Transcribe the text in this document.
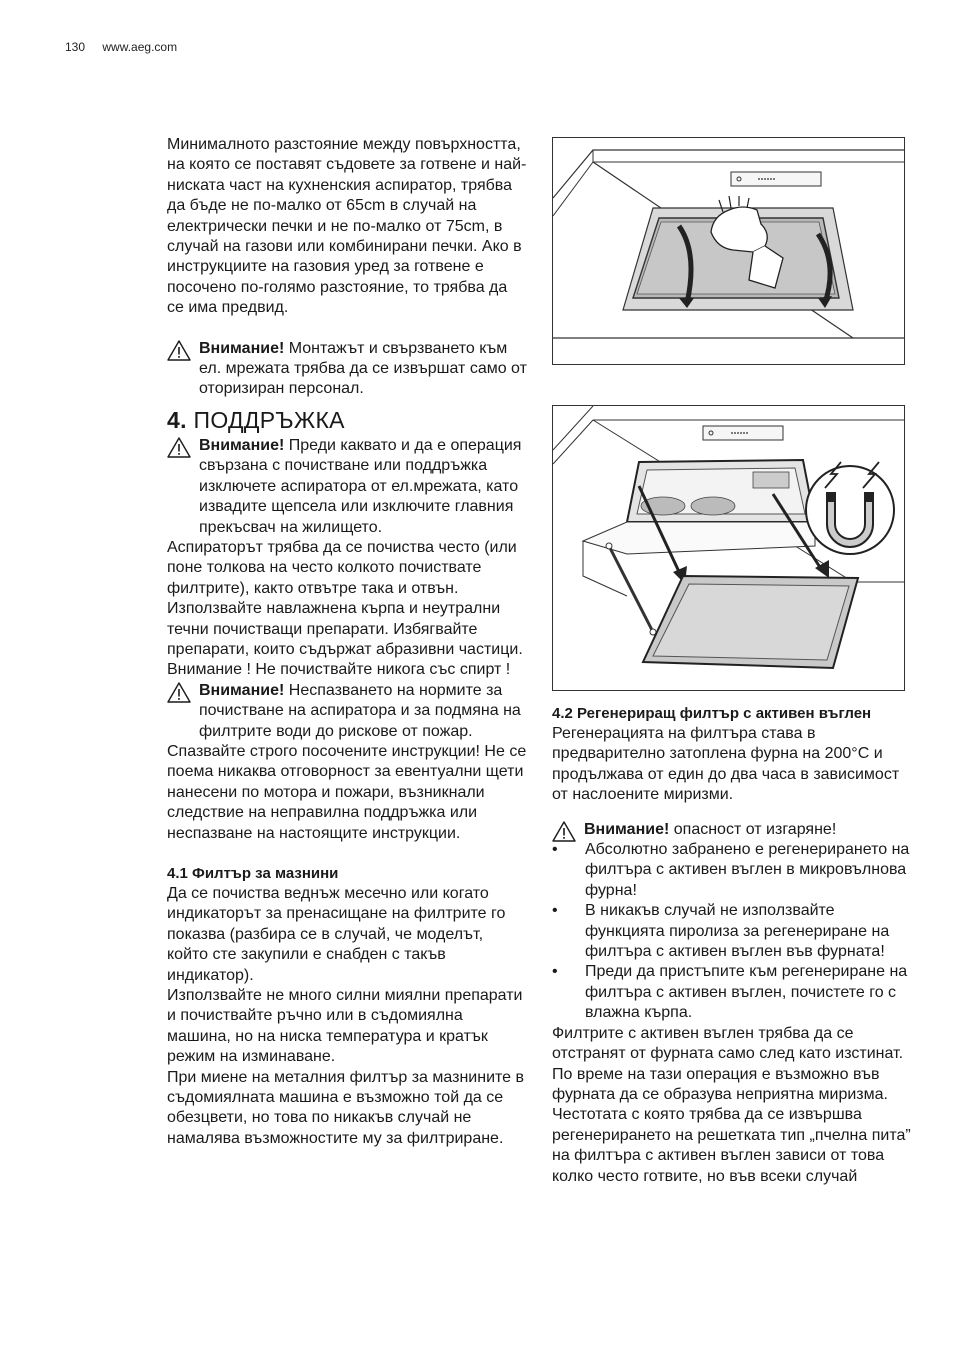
130 www.aeg.com

Минималното разстояние между повърхността, на която се поставят съдовете за готвене и най-ниската част на кухненския аспиратор, трябва да бъде не по-малко от 65cm в случай на електрически печки и не по-малко от 75cm, в случай на газови или комбинирани печки. Ако в инструкциите на газовия уред за готвене е посочено по-голямо разстояние, то трябва да се има предвид.

Внимание! Монтажът и свързването към ел. мрежата трябва да се извършат само от оторизиран персонал.

4. ПОДДРЪЖКА

Внимание! Преди каквато и да е операция свързана с почистване или поддръжка изключете аспиратора от ел.мрежата, като извадите щепсела или изключите главния прекъсвач на жилището.

Аспираторът трябва да се почиства често (или поне толкова на често колкото почиствате филтрите), както отвътре така и отвън. Използвайте навлажнена кърпа и неутрални течни почистващи препарати. Избягвайте препарати, които съдържат абразивни частици. Внимание ! Не почиствайте никога със спирт !

Внимание! Неспазването на нормите за почистване на аспиратора и за подмяна на филтрите води до рискове от пожар.

Спазвайте строго посочените инструкции! Не се поема никаква отговорност за евентуални щети нанесени по мотора и пожари, възникнали следствие на неправилна поддръжка или неспазване на настоящите инструкции.

4.1 Филтър за мазнини

Да се почиства веднъж месечно или когато индикаторът за пренасищане на филтрите го показва (разбира се в случай, че моделът, който сте закупили е снабден с такъв индикатор).

Използвайте не много силни миялни препарати и почиствайте ръчно или в съдомиялна машина, но на ниска температура и кратък режим на изминаване.

При миене на металния филтър за мазнините в съдомиялната машина е възможно той да се обезцвети, но това по никакъв случай не намалява възможностите му за филтриране.

4.2 Регенериращ филтър с активен въглен

Регенерацията на филтъра става в предварително затоплена фурна на 200°C и продължава от един до два часа в зависимост от наслоените миризми.

Внимание! опасност от изгаряне!

• Абсолютно забранено е регенерирането на филтъра с активен въглен в микровълнова фурна!
• В никакъв случай не използвайте функцията пиролиза за регенериране на филтъра с активен въглен във фурната!
• Преди да пристъпите към регенериране на филтъра с активен въглен, почистете го с влажна кърпа.

Филтрите с активен въглен трябва да се отстранят от фурната само след като изстинат. По време на тази операция е възможно във фурната да се образува неприятна миризма. Честотата с която трябва да се извършва регенерирането на решетката тип „пчелна пита” на филтъра с активен въглен зависи от това колко често готвите, но във всеки случай
